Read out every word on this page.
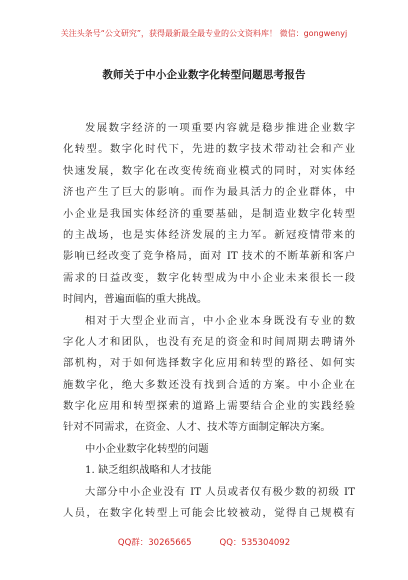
关注头条号“公文研究”，获得最新最全最专业的公文资料库！ 微信：gongwenyj
教师关于中小企业数字化转型问题思考报告
发展数字经济的一项重要内容就是稳步推进企业数字
化转型。数字化时代下，先进的数字技术带动社会和产业
快速发展，数字化在改变传统商业模式的同时，对实体经
济也产生了巨大的影响。而作为最具活力的企业群体，中
小企业是我国实体经济的重要基础，是制造业数字化转型
的主战场，也是实体经济发展的主力军。新冠疫情带来的
影响已经改变了竞争格局，面对 IT 技术的不断革新和客户
需求的日益改变，数字化转型成为中小企业未来很长一段
时间内，普遍面临的重大挑战。
相对于大型企业而言，中小企业本身既没有专业的数
字化人才和团队，也没有充足的资金和时间周期去聘请外
部机构，对于如何选择数字化应用和转型的路径、如何实
施数字化，绝大多数还没有找到合适的方案。中小企业在
数字化应用和转型探索的道路上需要结合企业的实践经验
针对不同需求，在资金、人才、技术等方面制定解决方案。
中小企业数字化转型的问题
1. 缺乏组织战略和人才技能
大部分中小企业没有 IT 人员或者仅有极少数的初级 IT
人员，在数字化转型上可能会比较被动，觉得自己规模有
QQ群：30265665	QQ：535304092
